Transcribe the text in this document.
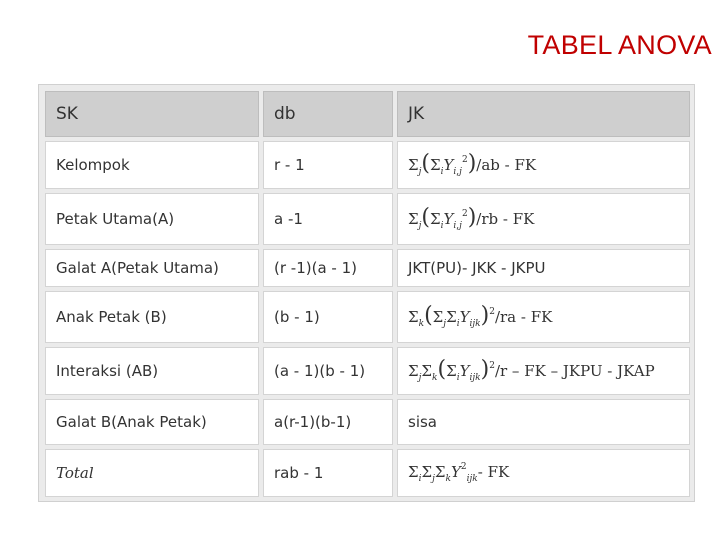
TABEL ANOVA
SK	db	JK
Kelompok	r - 1	$\Sigma_j(\Sigma_iY_{i,j}^2)/ab$ - FK
Petak Utama(A)	a -1	$\Sigma_j(\Sigma_iY_{i,j}^2)/rb$ - FK
Galat A(Petak Utama)	(r -1)(a - 1)	JKT(PU)- JKK - JKPU
Anak Petak (B)	(b - 1)	$\Sigma_k(\Sigma_j\Sigma_iY_{ijk})^2/ra$ - FK
Interaksi (AB)	(a - 1)(b - 1)	$\Sigma_j\Sigma_k(\Sigma_iY_{ijk})^2/r$ – FK – JKPU - JKAP
Galat B(Anak Petak)	a(r-1)(b-1)	sisa
Total	rab - 1	$\Sigma_i\Sigma_j\Sigma_kY^2_{ijk}-$ FK
